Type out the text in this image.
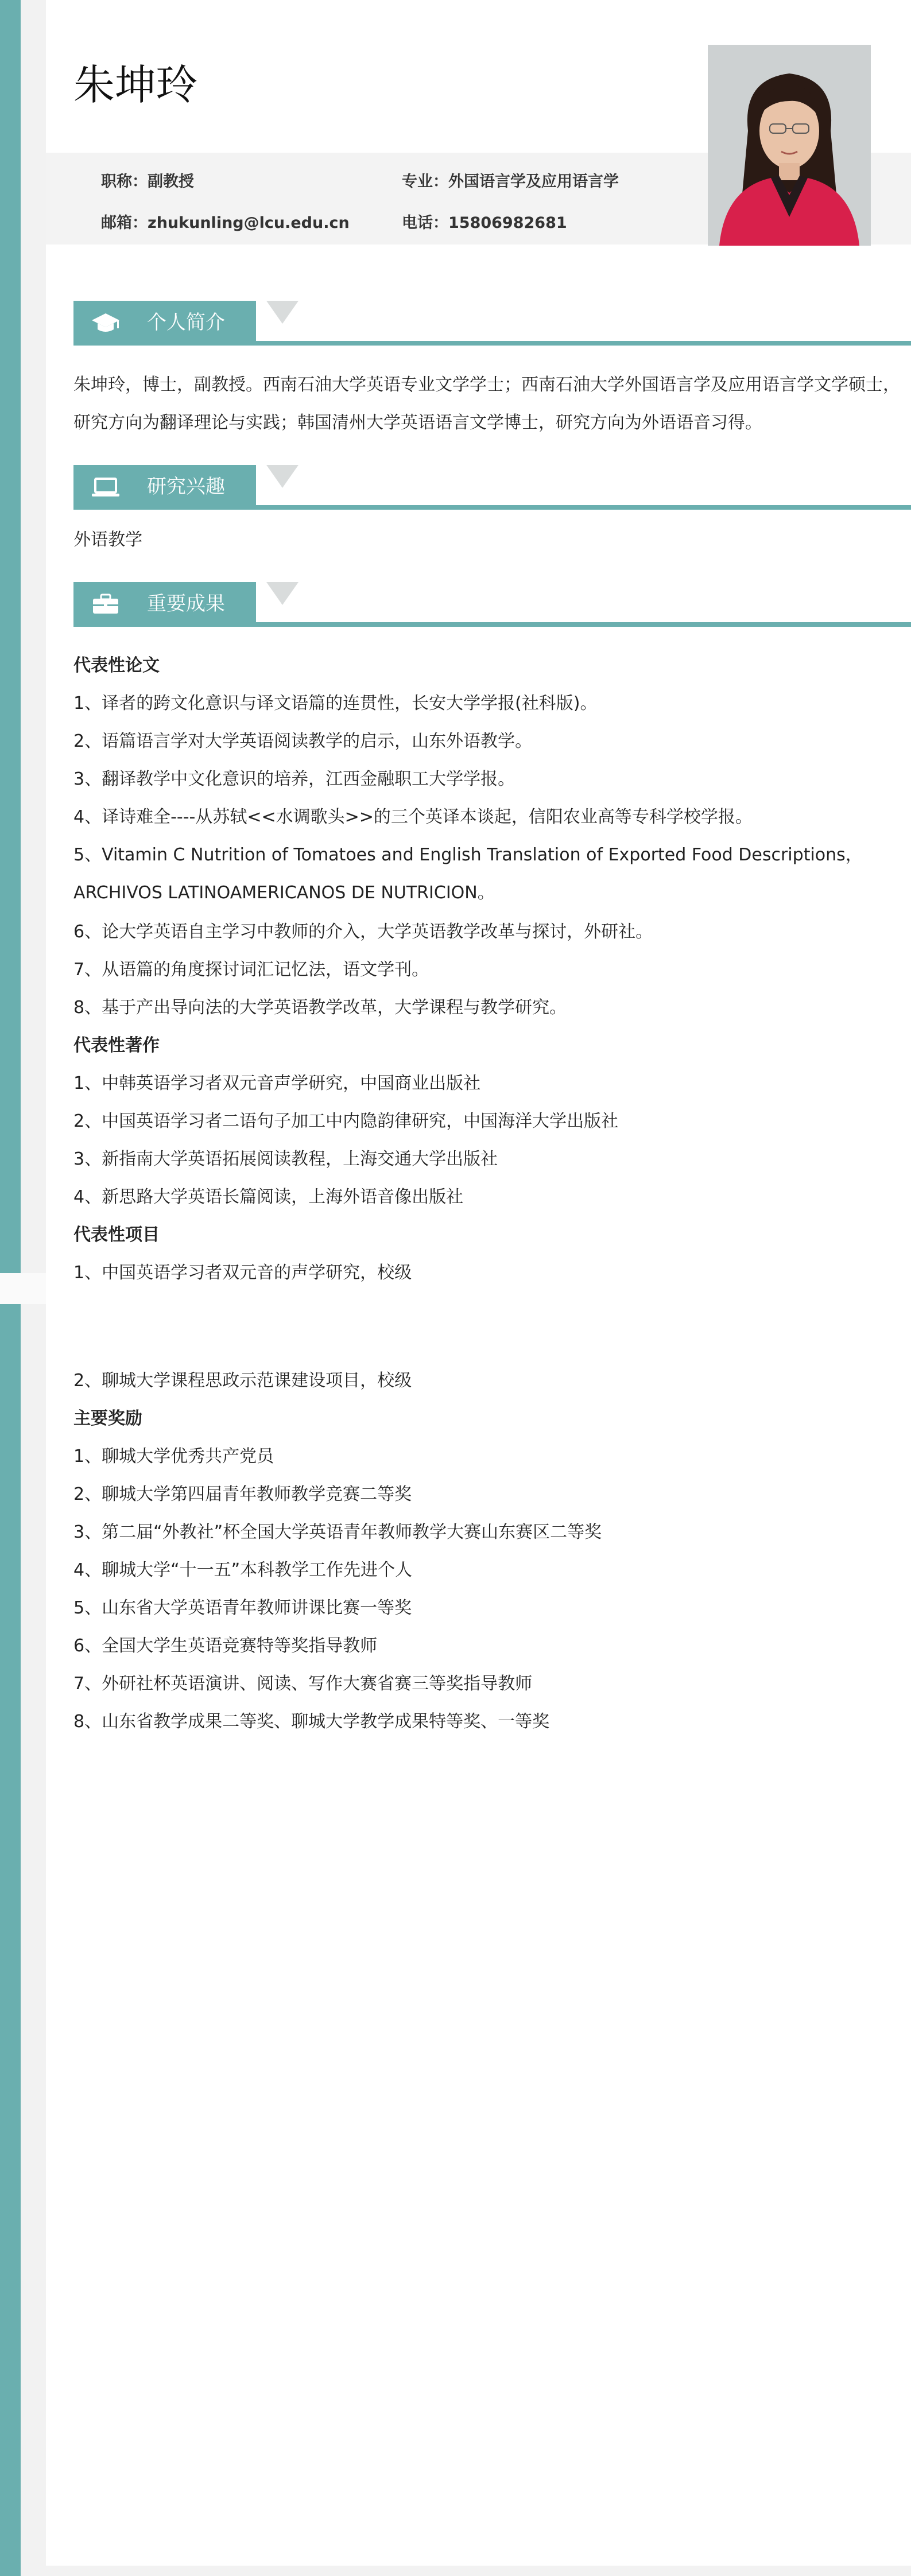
朱坤玲
职称：副教授	专业：外国语言学及应用语言学
邮箱：zhukunling@lcu.edu.cn	电话：15806982681
个人简介
朱坤玲，博士，副教授。西南石油大学英语专业文学学士；西南石油大学外国语言学及应用语言学文学硕士，研究方向为翻译理论与实践；韩国清州大学英语语言文学博士，研究方向为外语语音习得。
研究兴趣
外语教学
重要成果
代表性论文
1、译者的跨文化意识与译文语篇的连贯性，长安大学学报(社科版)。
2、语篇语言学对大学英语阅读教学的启示，山东外语教学。
3、翻译教学中文化意识的培养，江西金融职工大学学报。
4、译诗难全----从苏轼<<水调歌头>>的三个英译本谈起，信阳农业高等专科学校学报。
5、Vitamin C Nutrition of Tomatoes and English Translation of Exported Food Descriptions，ARCHIVOS LATINOAMERICANOS DE NUTRICION。
6、论大学英语自主学习中教师的介入，大学英语教学改革与探讨，外研社。
7、从语篇的角度探讨词汇记忆法，语文学刊。
8、基于产出导向法的大学英语教学改革，大学课程与教学研究。
代表性著作
1、中韩英语学习者双元音声学研究，中国商业出版社
2、中国英语学习者二语句子加工中内隐韵律研究，中国海洋大学出版社
3、新指南大学英语拓展阅读教程，上海交通大学出版社
4、新思路大学英语长篇阅读，上海外语音像出版社
代表性项目
1、中国英语学习者双元音的声学研究，校级
2、聊城大学课程思政示范课建设项目，校级
主要奖励
1、聊城大学优秀共产党员
2、聊城大学第四届青年教师教学竞赛二等奖
3、第二届“外教社”杯全国大学英语青年教师教学大赛山东赛区二等奖
4、聊城大学“十一五”本科教学工作先进个人
5、山东省大学英语青年教师讲课比赛一等奖
6、全国大学生英语竞赛特等奖指导教师
7、外研社杯英语演讲、阅读、写作大赛省赛三等奖指导教师
8、山东省教学成果二等奖、聊城大学教学成果特等奖、一等奖
